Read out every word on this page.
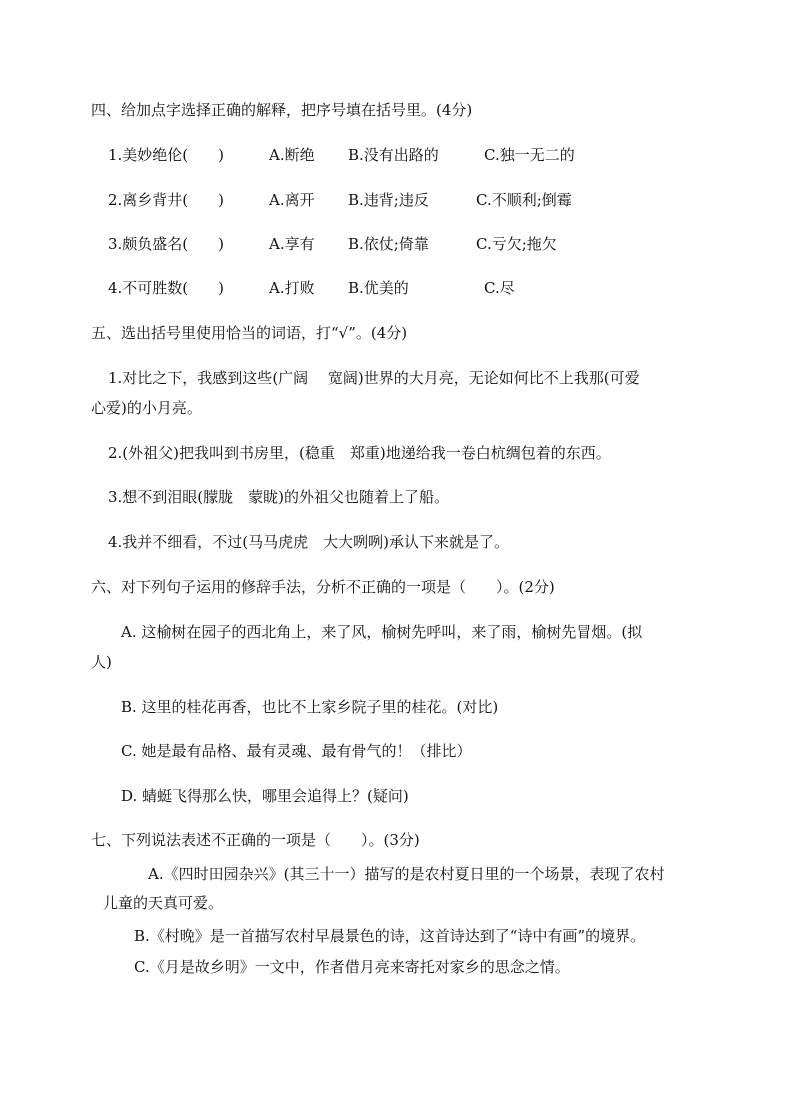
四、给加点字选择正确的解释，把序号填在括号里。(4分)
1.美妙绝伦(　　)	A.断绝 B.没有出路的	C.独一无二的
2.离乡背井(　　)	A.离开 B.违背;违反	C.不顺利;倒霉
3.颇负盛名(　　)	A.享有 B.依仗;倚靠	C.亏欠;拖欠
4.不可胜数(　　)	A.打败 B.优美的	C.尽
五、选出括号里使用恰当的词语，打“√”。(4分)
1.对比之下，我感到这些(广阔　 宽阔)世界的大月亮，无论如何比不上我那(可爱
心爱)的小月亮。
2.(外祖父)把我叫到书房里，(稳重　郑重)地递给我一卷白杭绸包着的东西。
3.想不到泪眼(朦胧　蒙眬)的外祖父也随着上了船。
4.我并不细看，不过(马马虎虎　大大咧咧)承认下来就是了。
六、对下列句子运用的修辞手法，分析不正确的一项是（　　）。(2分)
A. 这榆树在园子的西北角上，来了风，榆树先呼叫，来了雨，榆树先冒烟。(拟
人)
B. 这里的桂花再香，也比不上家乡院子里的桂花。(对比)
C. 她是最有品格、最有灵魂、最有骨气的！（排比）
D. 蜻蜓飞得那么快，哪里会追得上？(疑问)
七、下列说法表述不正确的一项是（　　）。(3分)
A.《四时田园杂兴》(其三十一）描写的是农村夏日里的一个场景，表现了农村
儿童的天真可爱。
B.《村晚》是一首描写农村早晨景色的诗，这首诗达到了“诗中有画”的境界。
C.《月是故乡明》一文中，作者借月亮来寄托对家乡的思念之情。
